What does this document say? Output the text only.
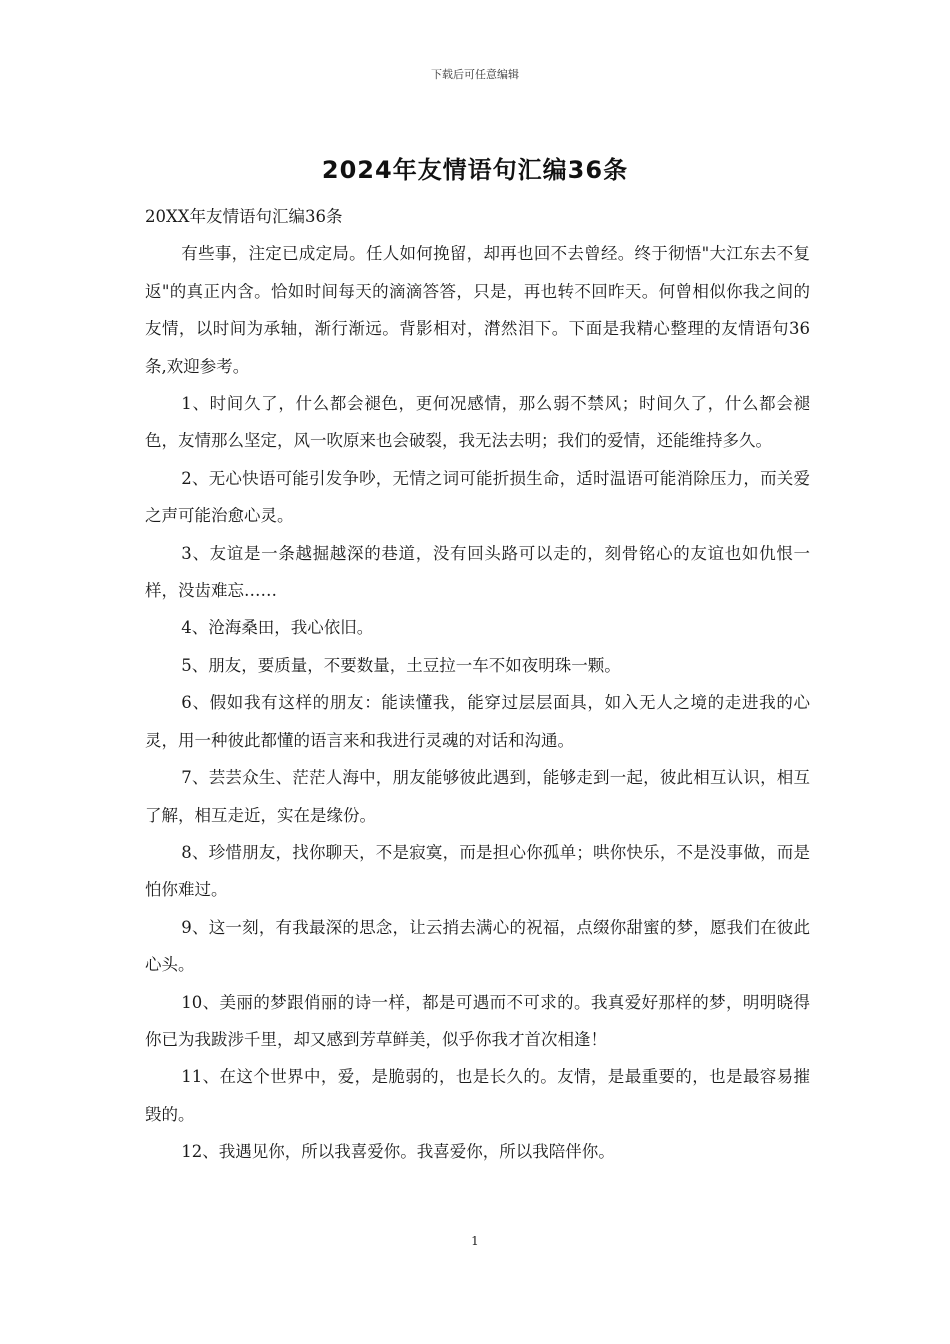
下载后可任意编辑
2024年友情语句汇编36条

20XX年友情语句汇编36条

有些事，注定已成定局。任人如何挽留，却再也回不去曾经。终于彻悟"大江东去不复返"的真正内含。恰如时间每天的滴滴答答，只是，再也转不回昨天。何曾相似你我之间的友情，以时间为承轴，渐行渐远。背影相对，潸然泪下。下面是我精心整理的友情语句36条,欢迎参考。

1、时间久了，什么都会褪色，更何况感情，那么弱不禁风；时间久了，什么都会褪色，友情那么坚定，风一吹原来也会破裂，我无法去明；我们的爱情，还能维持多久。

2、无心快语可能引发争吵，无情之词可能折损生命，适时温语可能消除压力，而关爱之声可能治愈心灵。

3、友谊是一条越掘越深的巷道，没有回头路可以走的，刻骨铭心的友谊也如仇恨一样，没齿难忘……

4、沧海桑田，我心依旧。

5、朋友，要质量，不要数量，土豆拉一车不如夜明珠一颗。

6、假如我有这样的朋友：能读懂我，能穿过层层面具，如入无人之境的走进我的心灵，用一种彼此都懂的语言来和我进行灵魂的对话和沟通。

7、芸芸众生、茫茫人海中，朋友能够彼此遇到，能够走到一起，彼此相互认识，相互了解，相互走近，实在是缘份。

8、珍惜朋友，找你聊天，不是寂寞，而是担心你孤单；哄你快乐，不是没事做，而是怕你难过。

9、这一刻，有我最深的思念，让云捎去满心的祝福，点缀你甜蜜的梦，愿我们在彼此心头。

10、美丽的梦跟俏丽的诗一样，都是可遇而不可求的。我真爱好那样的梦，明明晓得你已为我跋涉千里，却又感到芳草鲜美，似乎你我才首次相逢！

11、在这个世界中，爱，是脆弱的，也是长久的。友情，是最重要的，也是最容易摧毁的。

12、我遇见你，所以我喜爱你。我喜爱你，所以我陪伴你。

1
